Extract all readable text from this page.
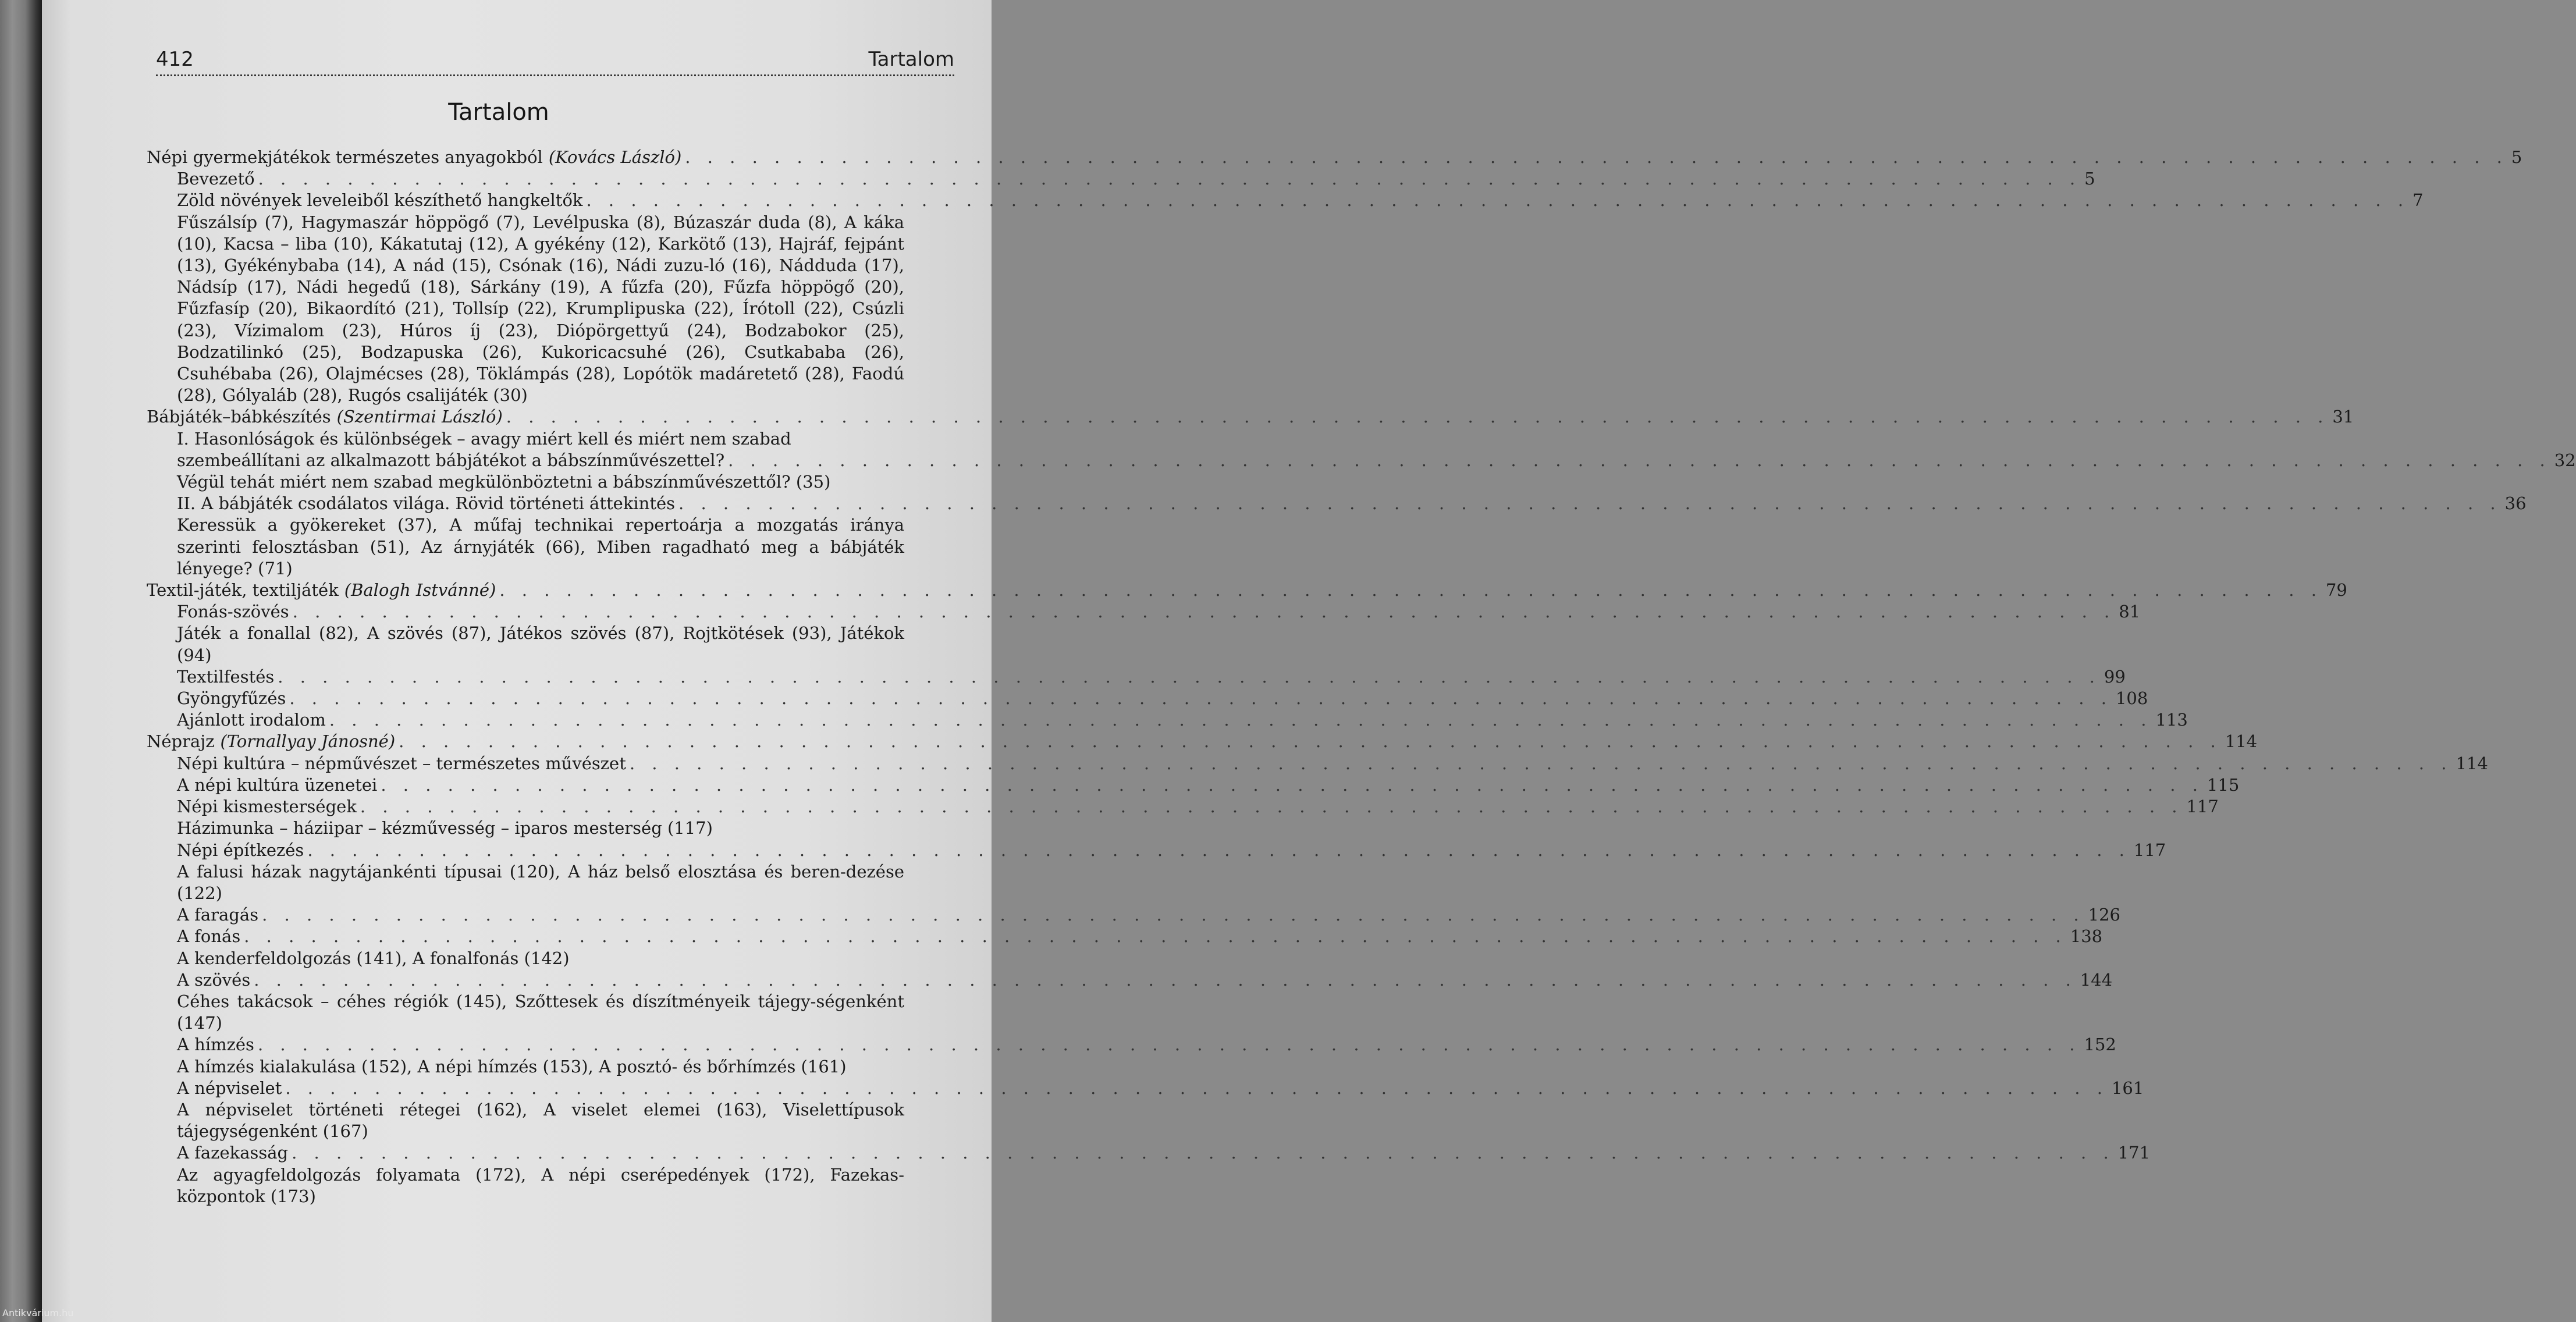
412	Tartalom
Tartalom
Népi gyermekjátékok természetes anyagokból (Kovács László) . . .	5
Bevezető . . .	5
Zöld növények leveleiből készíthető hangkeltők . . .	7
Fűszálsíp (7), Hagymaszár höppögő (7), Levélpuska (8), Búzaszár duda (8), A káka (10), Kacsa – liba (10), Kákatutaj (12), A gyékény (12), Karkötő (13), Hajráf, fejpánt (13), Gyékénybaba (14), A nád (15), Csónak (16), Nádi zuzu-ló (16), Nádduda (17), Nádsíp (17), Nádi hegedű (18), Sárkány (19), A fűzfa (20), Fűzfa höppögő (20), Fűzfasíp (20), Bikaordító (21), Tollsíp (22), Krumplipuska (22), Írótoll (22), Csúzli (23), Vízimalom (23), Húros íj (23), Diópörgettyű (24), Bodzabokor (25), Bodzatilinkó (25), Bodzapuska (26), Kukoricacsuhé (26), Csutkababa (26), Csuhébaba (26), Olajmécses (28), Töklámpás (28), Lopótök madáretető (28), Faodú (28), Gólyaláb (28), Rugós csalijáték (30)
Bábjáték–bábkészítés (Szentirmai László) . . .	31
I. Hasonlóságok és különbségek – avagy miért kell és miért nem szabad
szembeállítani az alkalmazott bábjátékot a bábszínművészettel? . . .	32
Végül tehát miért nem szabad megkülönböztetni a bábszínművészettől? (35)
II. A bábjáték csodálatos világa. Rövid történeti áttekintés . . .	36
Keressük a gyökereket (37), A műfaj technikai repertoárja a mozgatás iránya szerinti felosztásban (51), Az árnyjáték (66), Miben ragadható meg a bábjáték lényege? (71)
Textil-játék, textiljáték (Balogh Istvánné) . . .	79
Fonás-szövés . . .	81
Játék a fonallal (82), A szövés (87), Játékos szövés (87), Rojtkötések (93), Játékok (94)
Textilfestés . . .	99
Gyöngyfűzés . . .	108
Ajánlott irodalom . . .	113
Néprajz (Tornallyay Jánosné) . . .	114
Népi kultúra – népművészet – természetes művészet . . .	114
A népi kultúra üzenetei . . .	115
Népi kismesterségek . . .	117
Házimunka – háziipar – kézművesség – iparos mesterség (117)
Népi építkezés . . .	117
A falusi házak nagytájankénti típusai (120), A ház belső elosztása és beren-dezése (122)
A faragás . . .	126
A fonás . . .	138
A kenderfeldolgozás (141), A fonalfonás (142)
A szövés . . .	144
Céhes takácsok – céhes régiók (145), Szőttesek és díszítményeik tájegy-ségenként (147)
A hímzés . . .	152
A hímzés kialakulása (152), A népi hímzés (153), A posztó- és bőrhímzés (161)
A népviselet . . .	161
A népviselet történeti rétegei (162), A viselet elemei (163), Viselettípusok tájegységenként (167)
A fazekasság . . .	171
Az agyagfeldolgozás folyamata (172), A népi cserépedények (172), Fazekas-központok (173)
Antikvárium.hu
